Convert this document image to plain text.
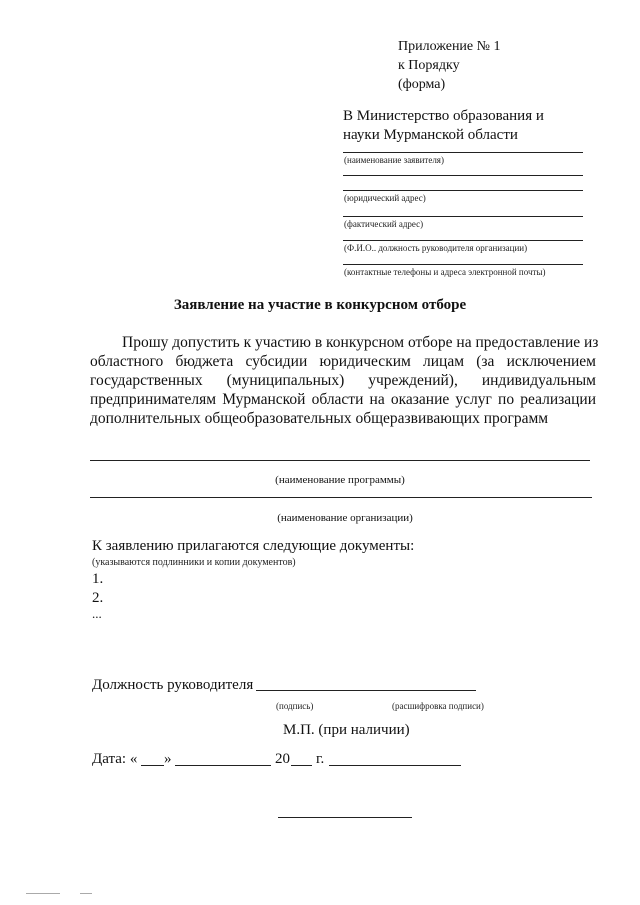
Приложение № 1
к Порядку
(форма)
В Министерство образования и
науки Мурманской области
(наименование заявителя)
(юридический адрес)
(фактический адрес)
(Ф.И.О.. должность руководителя организации)
(контактные телефоны и адреса электронной почты)
Заявление на участие в конкурсном отборе
Прошу допустить к участию в конкурсном отборе на предоставление из
областного бюджета субсидии юридическим лицам (за исключением
государственных (муниципальных) учреждений), индивидуальным
предпринимателям Мурманской области на оказание услуг по реализации
дополнительных общеобразовательных общеразвивающих программ
(наименование программы)
(наименование организации)
К заявлению прилагаются следующие документы:
(указываются подлинники и копии документов)
1.
2.
...
Должность руководителя
(подпись)	(расшифровка подписи)
М.П. (при наличии)
Дата: « »	20 г.
